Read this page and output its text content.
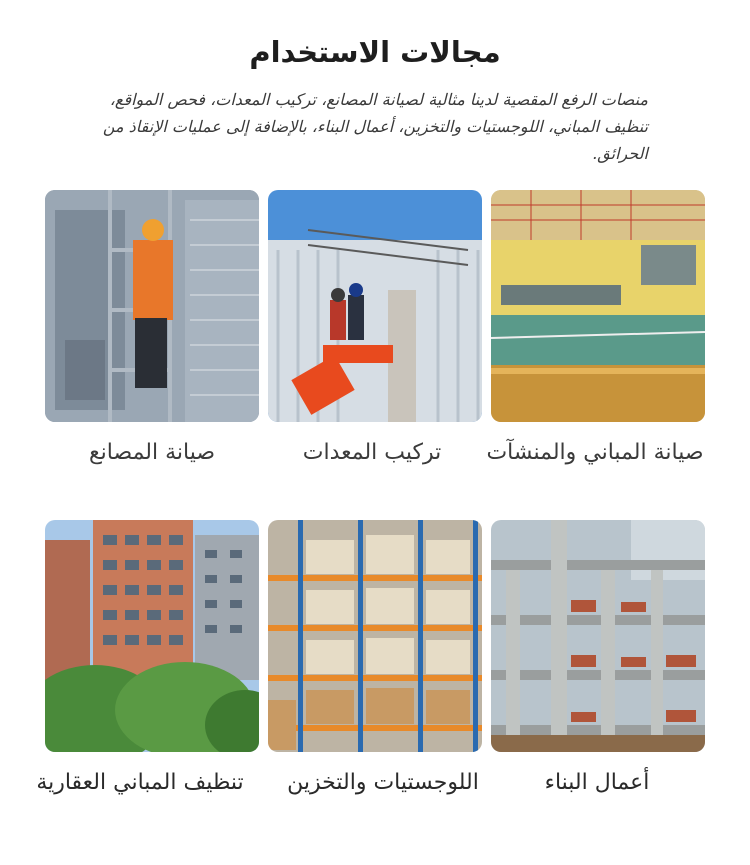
مجالات الاستخدام
منصات الرفع المقصية لدينا مثالية لصيانة المصانع، تركيب المعدات، فحص المواقع، تنظيف المباني، اللوجستيات والتخزين، أعمال البناء، بالإضافة إلى عمليات الإنقاذ من الحرائق.
صيانة المصانع	تركيب المعدات	صيانة المباني والمنشآت
تنظيف المباني العقارية	اللوجستيات والتخزين	أعمال البناء
